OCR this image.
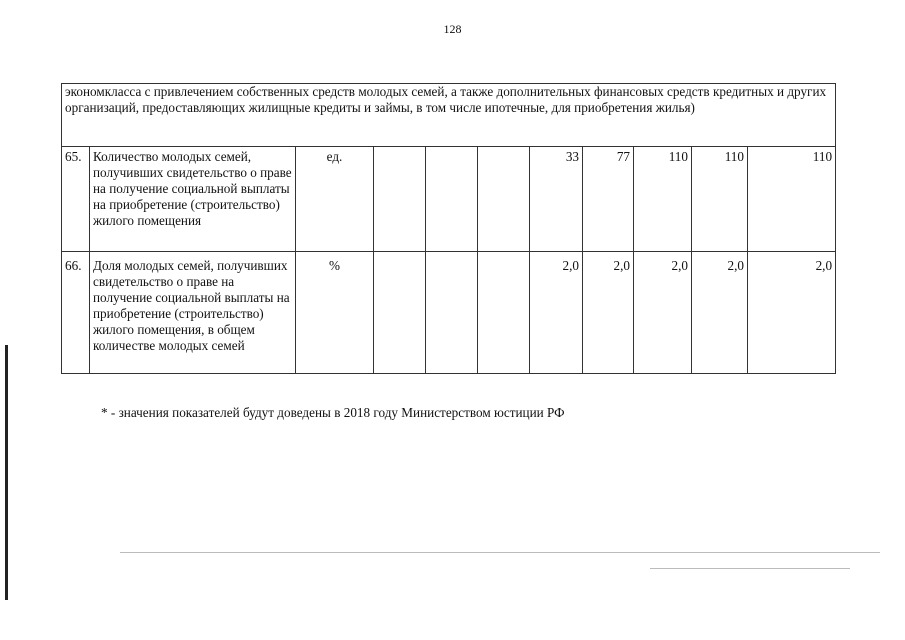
128
экономкласса с привлечением собственных средств молодых семей, а также дополнительных финансовых средств кредитных и других организаций, предоставляющих жилищные кредиты и займы, в том числе ипотечные, для приобретения жилья)										
65.	Количество молодых семей, получивших свидетельство о праве на получение социальной выплаты на приобретение (строительство) жилого помещения	ед.				33	77	110	110	110
66.	Доля молодых семей, получивших свидетельство о праве на получение социальной выплаты на приобретение (строительство) жилого помещения, в общем количестве молодых семей	%				2,0	2,0	2,0	2,0	2,0
* - значения показателей будут доведены в 2018 году Министерством юстиции РФ
